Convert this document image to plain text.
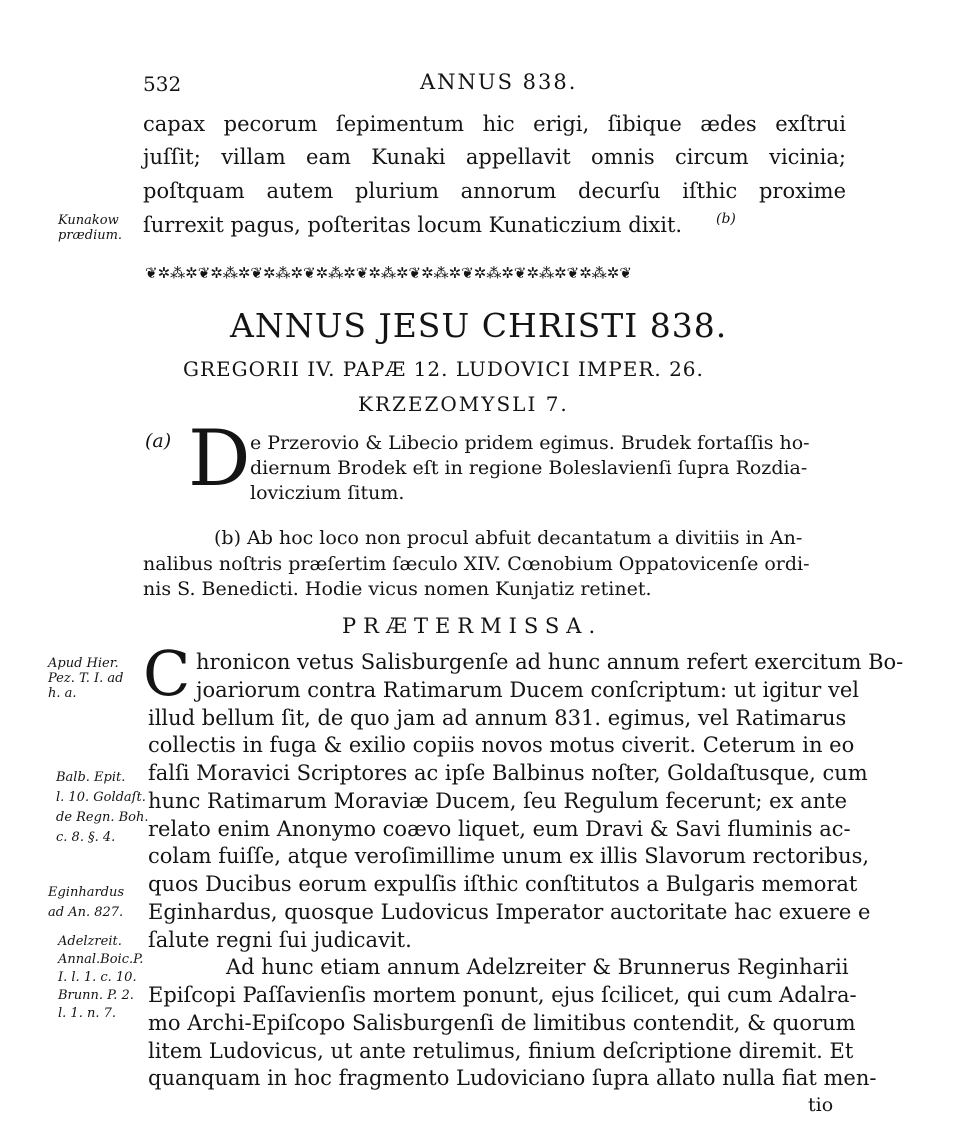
532	ANNUS 838.
capax pecorum ſepimentum hic erigi, ſibique ædes exſtrui
juſſit; villam eam Kunaki appellavit omnis circum vicinia;
poſtquam autem plurium annorum decurſu iſthic proxime
ſurrexit pagus, poſteritas locum Kunaticzium dixit. (b)
Kunakow
prædium.
❦✲⁂✲❦✲⁂✲❦✲⁂✲❦✲⁂✲❦✲⁂✲❦✲⁂✲❦✲⁂✲❦✲⁂✲❦✲⁂✲❦
ANNUS JESU CHRISTI 838.
GREGORII IV. PAPÆ 12. LUDOVICI IMPER. 26.
KRZEZOMYSLI 7.
(a) D e Przerovio & Libecio pridem egimus. Brudek fortaſſis ho-
diernum Brodek eſt in regione Boleslavienſi ſupra Rozdia-
loviczium ſitum.
(b) Ab hoc loco non procul abfuit decantatum a divitiis in An-
nalibus noſtris præſertim ſæculo XIV. Cœnobium Oppatovicenſe ordi-
nis S. Benedicti. Hodie vicus nomen Kunjatiz retinet.
PRÆTERMISSA.
C hronicon vetus Salisburgenſe ad hunc annum refert exercitum Bo-
joariorum contra Ratimarum Ducem conſcriptum: ut igitur vel
illud bellum ſit, de quo jam ad annum 831. egimus, vel Ratimarus
collectis in fuga & exilio copiis novos motus civerit. Ceterum in eo
falſi Moravici Scriptores ac ipſe Balbinus noſter, Goldaſtusque, cum
hunc Ratimarum Moraviæ Ducem, ſeu Regulum fecerunt; ex ante
relato enim Anonymo coævo liquet, eum Dravi & Savi fluminis ac-
colam fuiſſe, atque veroſimillime unum ex illis Slavorum rectoribus,
quos Ducibus eorum expulſis iſthic conſtitutos a Bulgaris memorat
Eginhardus, quosque Ludovicus Imperator auctoritate hac exuere e
ſalute regni ſui judicavit.
Ad hunc etiam annum Adelzreiter & Brunnerus Reginharii
Epiſcopi Paſſavienſis mortem ponunt, ejus ſcilicet, qui cum Adalra-
mo Archi-Epiſcopo Salisburgenſi de limitibus contendit, & quorum
litem Ludovicus, ut ante retulimus, finium deſcriptione diremit. Et
quanquam in hoc fragmento Ludoviciano ſupra allato nulla fiat men-
tio
Apud Hier.
Pez. T. I. ad
h. a.
Balb. Epit.
l. 10. Goldaſt.
de Regn. Boh.
c. 8. §. 4.
Eginhardus
ad An. 827.
Adelzreit.
Annal.Boic.P.
I. l. 1. c. 10.
Brunn. P. 2.
l. 1. n. 7.
